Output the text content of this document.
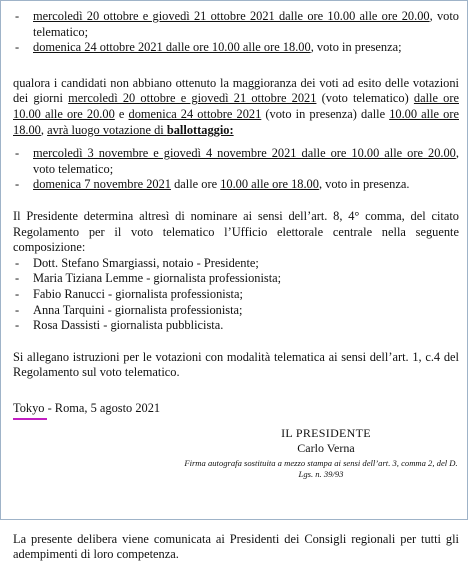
- mercoledì 20 ottobre e giovedì 21 ottobre 2021 dalle ore 10.00 alle ore 20.00, voto telematico;
- domenica 24 ottobre 2021 dalle ore 10.00 alle ore 18.00, voto in presenza;

qualora i candidati non abbiano ottenuto la maggioranza dei voti ad esito delle votazioni dei giorni mercoledì 20 ottobre e giovedì 21 ottobre 2021 (voto telematico) dalle ore 10.00 alle ore 20.00 e domenica 24 ottobre 2021 (voto in presenza) dalle 10.00 alle ore 18.00, avrà luogo votazione di ballottaggio:

- mercoledì 3 novembre e giovedì 4 novembre 2021 dalle ore 10.00 alle ore 20.00, voto telematico;
- domenica 7 novembre 2021 dalle ore 10.00 alle ore 18.00, voto in presenza.

Il Presidente determina altresì di nominare ai sensi dell’art. 8, 4° comma, del citato Regolamento per il voto telematico l’Ufficio elettorale centrale nella seguente composizione:

- Dott. Stefano Smargiassi, notaio - Presidente;
- Maria Tiziana Lemme - giornalista professionista;
- Fabio Ranucci - giornalista professionista;
- Anna Tarquini - giornalista professionista;
- Rosa Dassisti - giornalista pubblicista.

Si allegano istruzioni per le votazioni con modalità telematica ai sensi dell’art. 1, c.4 del Regolamento sul voto telematico.

Tokyo
- Roma, 5 agosto 2021

IL PRESIDENTE
Carlo Verna
Firma autografa sostituita a mezzo stampa ai sensi dell’art. 3, comma 2, del D. Lgs. n. 39/93

La presente delibera viene comunicata ai Presidenti dei Consigli regionali per tutti gli adempimenti di loro competenza.
